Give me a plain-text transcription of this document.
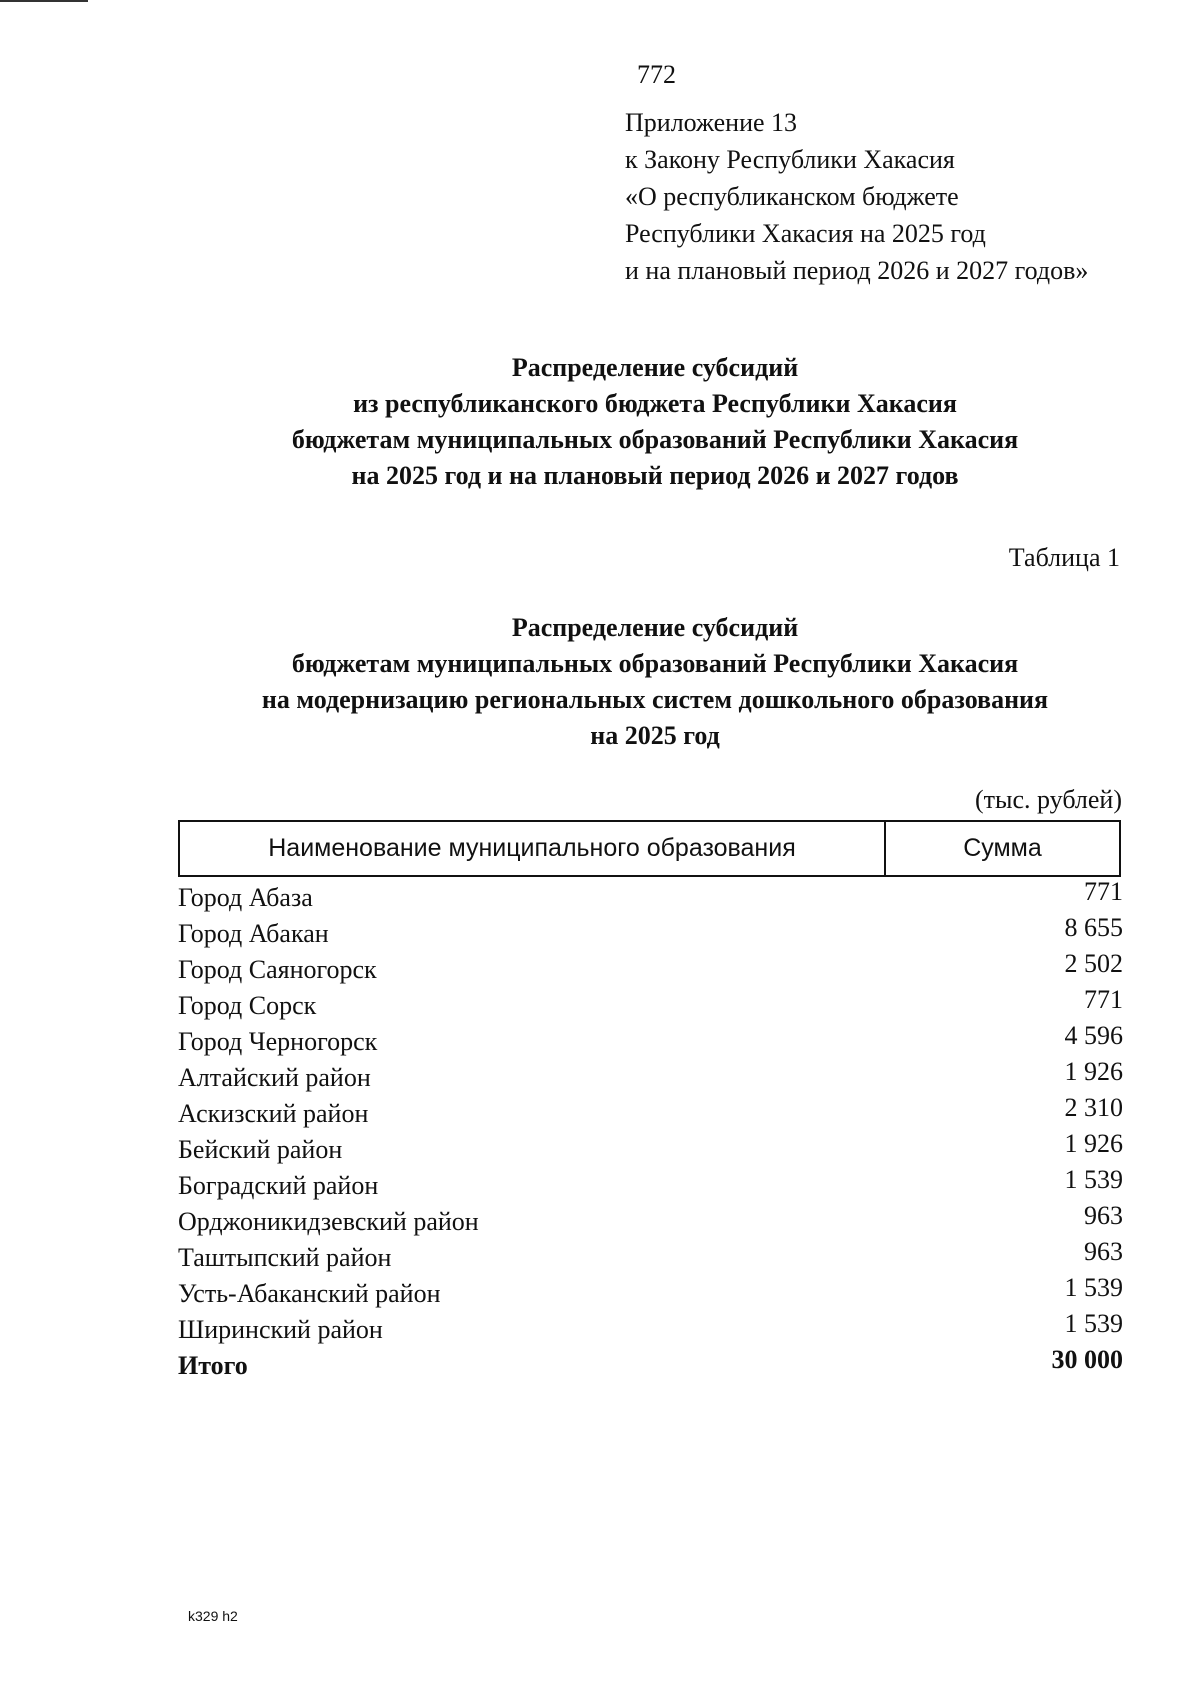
772
Приложение 13
к Закону Республики Хакасия
«О республиканском бюджете
Республики Хакасия на 2025 год
и на плановый период 2026 и 2027 годов»
Распределение субсидий
из республиканского бюджета Республики Хакасия
бюджетам муниципальных образований Республики Хакасия
на 2025 год и на плановый период 2026 и 2027 годов
Таблица 1
Распределение субсидий
бюджетам муниципальных образований Республики Хакасия
на модернизацию региональных систем дошкольного образования
на 2025 год
(тыс. рублей)
Наименование муниципального образования	Сумма
Город Абаза	771
Город Абакан	8 655
Город Саяногорск	2 502
Город Сорск	771
Город Черногорск	4 596
Алтайский район	1 926
Аскизский район	2 310
Бейский район	1 926
Боградский район	1 539
Орджоникидзевский район	963
Таштыпский район	963
Усть-Абаканский район	1 539
Ширинский район	1 539
Итого	30 000
k329 h2
